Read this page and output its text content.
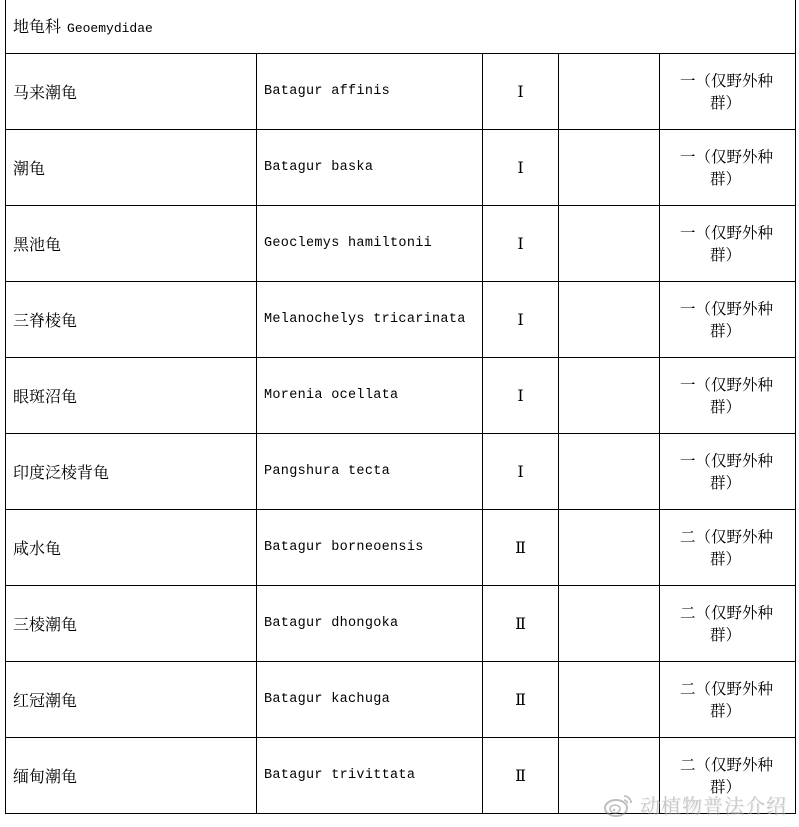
地龟科 Geoemydidae				
马来潮龟	Batagur affinis	Ⅰ		一（仅野外种
群）

潮龟	Batagur baska	Ⅰ		一（仅野外种
群）

黑池龟	Geoclemys hamiltonii	Ⅰ		一（仅野外种
群）

三脊棱龟	Melanochelys tricarinata	Ⅰ		一（仅野外种
群）

眼斑沼龟	Morenia ocellata	Ⅰ		一（仅野外种
群）

印度泛棱背龟	Pangshura tecta	Ⅰ		一（仅野外种
群）

咸水龟	Batagur borneoensis	Ⅱ		二（仅野外种
群）

三棱潮龟	Batagur dhongoka	Ⅱ		二（仅野外种
群）

红冠潮龟	Batagur kachuga	Ⅱ		二（仅野外种
群）

缅甸潮龟	Batagur trivittata	Ⅱ		二（仅野外种
群）
动植物普法介绍
